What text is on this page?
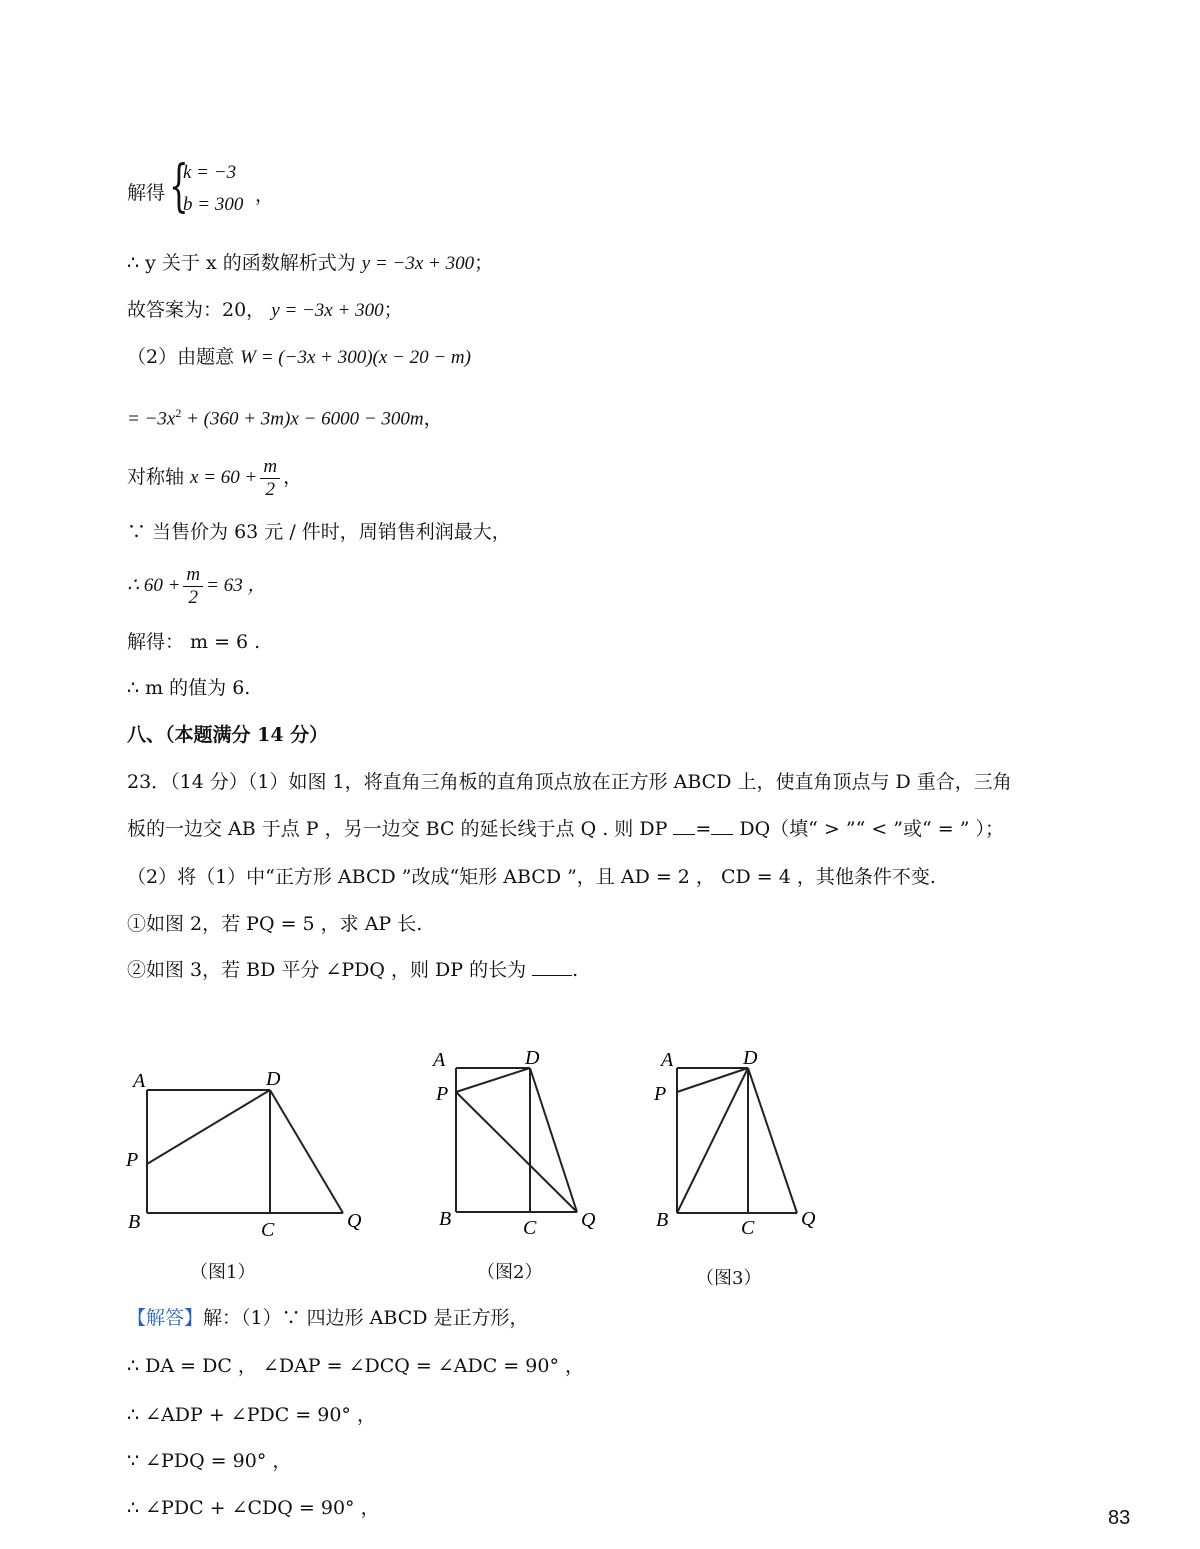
解得 {
k = −3
b = 300 ，
∴ y 关于 x 的函数解析式为 y = −3x + 300；
故答案为：20， y = −3x + 300；
（2）由题意 W = (−3x + 300)(x − 20 − m)
= $-3x^2 + (360 + 3m)x - 6000 - 300m$，
对称轴 $x = 60 + \frac{m}{2}$ ，
∵ 当售价为 63 元 / 件时，周销售利润最大，
∴ $60 + \frac{m}{2} = 63$ ，
解得： m = 6 .
∴ m 的值为 6.
八、（本题满分 14 分）
23．（14 分）（1）如图 1，将直角三角板的直角顶点放在正方形 ABCD 上，使直角顶点与 D 重合，三角
板的一边交 AB 于点 P ，另一边交 BC 的延长线于点 Q . 则 DP = DQ（填“ > ”“ < ”或“ = ” ）；
（2）将（1）中“正方形 ABCD ”改成“矩形 ABCD ”，且 AD = 2 ， CD = 4 ，其他条件不变.
①如图 2，若 PQ = 5 ，求 AP 长.
②如图 3，若 BD 平分 ∠PDQ ，则 DP 的长为 .
A	D
P
B	C	Q
A	D
P
B	C Q
A	D
P
B	C Q
（图1）	（图2）	（图3）
【解答】解：（1）∵ 四边形 ABCD 是正方形，
∴ DA = DC ， ∠DAP = ∠DCQ = ∠ADC = 90° ，
∴ ∠ADP + ∠PDC = 90° ，
∵ ∠PDQ = 90° ，
∴ ∠PDC + ∠CDQ = 90° ，	83
